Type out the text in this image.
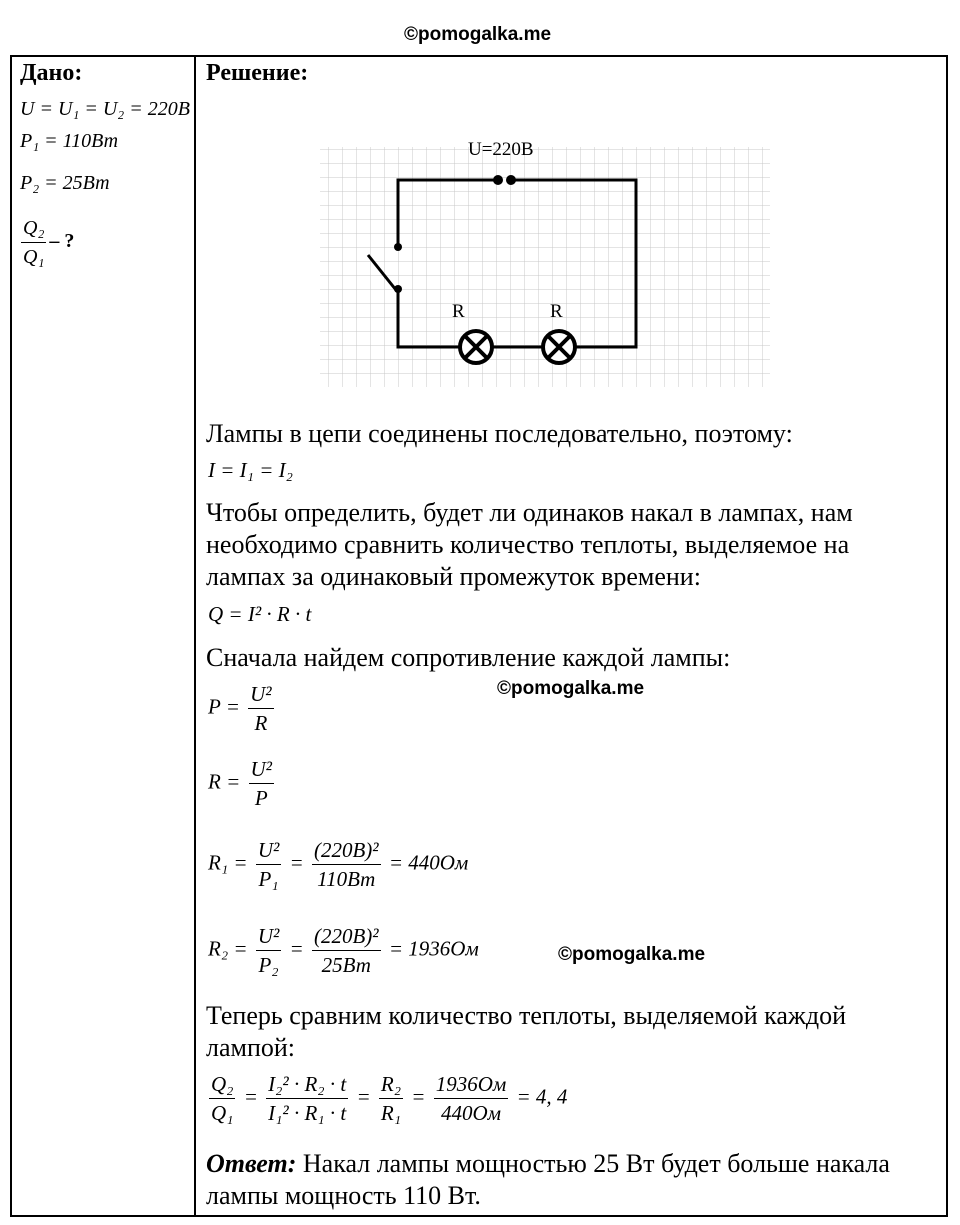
©pomogalka.me
Дано:
U = U₁ = U₂ = 220В
P₁ = 110Вт
P₂ = 25Вт
$\frac{\text{Q₂}}{\text{Q₁}}$ – ?
Решение:
U=220В
R	R
Лампы в цепи соединены последовательно, поэтому:
I = I₁ = I₂
Чтобы определить, будет ли одинаков накал в лампах, нам необходимо сравнить количество теплоты, выделяемое на лампах за одинаковый промежуток времени:
Q = I² · R · t
Сначала найдем сопротивление каждой лампы:
©pomogalka.me
$P = \frac{\text{U²}}{R}$
$R = \frac{\text{U²}}{P}$
$R_1 = \frac{\text{U²}}{\text{P₁}}$ =
(220В)²
110Вт
= 440Ом
$R_2 = \frac{\text{U²}}{\text{P₂}}$ =
(220В)²
25Вт
= 1936Ом	©pomogalka.me
Теперь сравним количество теплоты, выделяемой каждой лампой:
$\frac{\text{Q₂}}{\text{Q₁}} = \frac{\text{I₂² · R₂ · t}}{\text{I₁² · R₁ · t}} = \frac{\text{R₂}}{\text{R₁}}$ =
1936Ом
440Ом
= 4, 4
Ответ: Накал лампы мощностью 25 Вт будет больше накала лампы мощность 110 Вт.
